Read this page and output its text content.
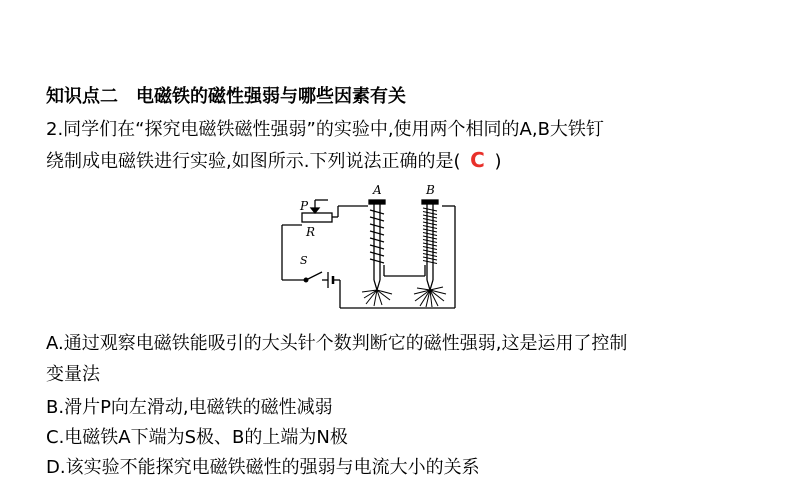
知识点二　电磁铁的磁性强弱与哪些因素有关
2.同学们在“探究电磁铁磁性强弱”的实验中,使用两个相同的A,B大铁钉
绕制成电磁铁进行实验,如图所示.下列说法正确的是( C )
A	B
P
R
S
A.通过观察电磁铁能吸引的大头针个数判断它的磁性强弱,这是运用了控制
变量法
B.滑片P向左滑动,电磁铁的磁性减弱
C.电磁铁A下端为S极、B的上端为N极
D.该实验不能探究电磁铁磁性的强弱与电流大小的关系
